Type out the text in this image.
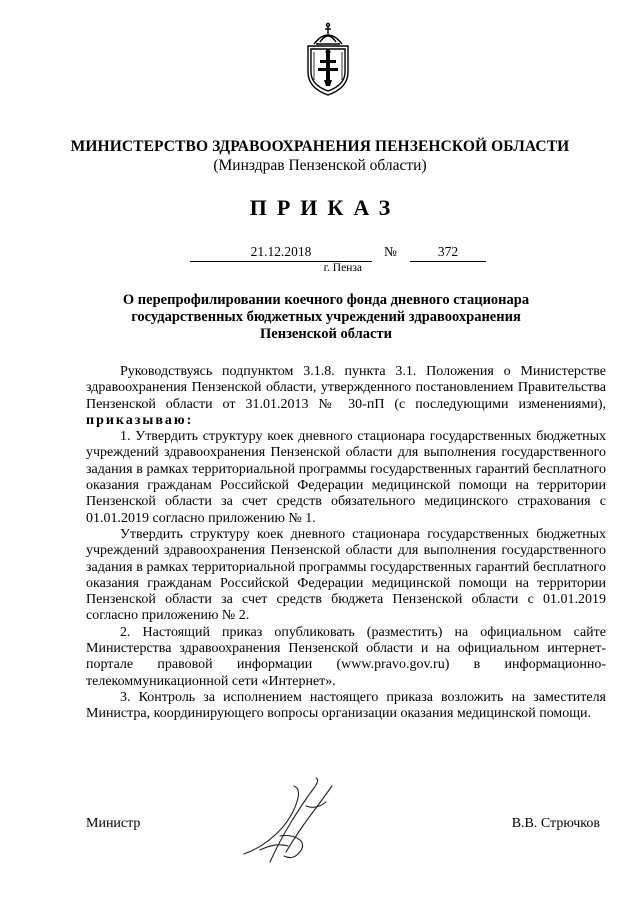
МИНИСТЕРСТВО ЗДРАВООХРАНЕНИЯ ПЕНЗЕНСКОЙ ОБЛАСТИ
(Минздрав Пензенской области)
ПРИКАЗ
21.12.2018	№	372
г. Пенза
О перепрофилировании коечного фонда дневного стационара
государственных бюджетных учреждений здравоохранения
Пензенской области

Руководствуясь подпунктом 3.1.8. пункта 3.1. Положения о Министерстве здравоохранения Пензенской области, утвержденного постановлением Правительства Пензенской области от 31.01.2013 № 30-пП (с последующими изменениями), приказываю:

1. Утвердить структуру коек дневного стационара государственных бюджетных учреждений здравоохранения Пензенской области для выполнения государственного задания в рамках территориальной программы государственных гарантий бесплатного оказания гражданам Российской Федерации медицинской помощи на территории Пензенской области за счет средств обязательного медицинского страхования с 01.01.2019 согласно приложению № 1.

Утвердить структуру коек дневного стационара государственных бюджетных учреждений здравоохранения Пензенской области для выполнения государственного задания в рамках территориальной программы государственных гарантий бесплатного оказания гражданам Российской Федерации медицинской помощи на территории Пензенской области за счет средств бюджета Пензенской области с 01.01.2019 согласно приложению № 2.

2. Настоящий приказ опубликовать (разместить) на официальном сайте Министерства здравоохранения Пензенской области и на официальном интернет-портале правовой информации (www.pravo.gov.ru) в информационно-телекоммуникационной сети «Интернет».

3. Контроль за исполнением настоящего приказа возложить на заместителя Министра, координирующего вопросы организации оказания медицинской помощи.

Министр	В.В. Стрючков
